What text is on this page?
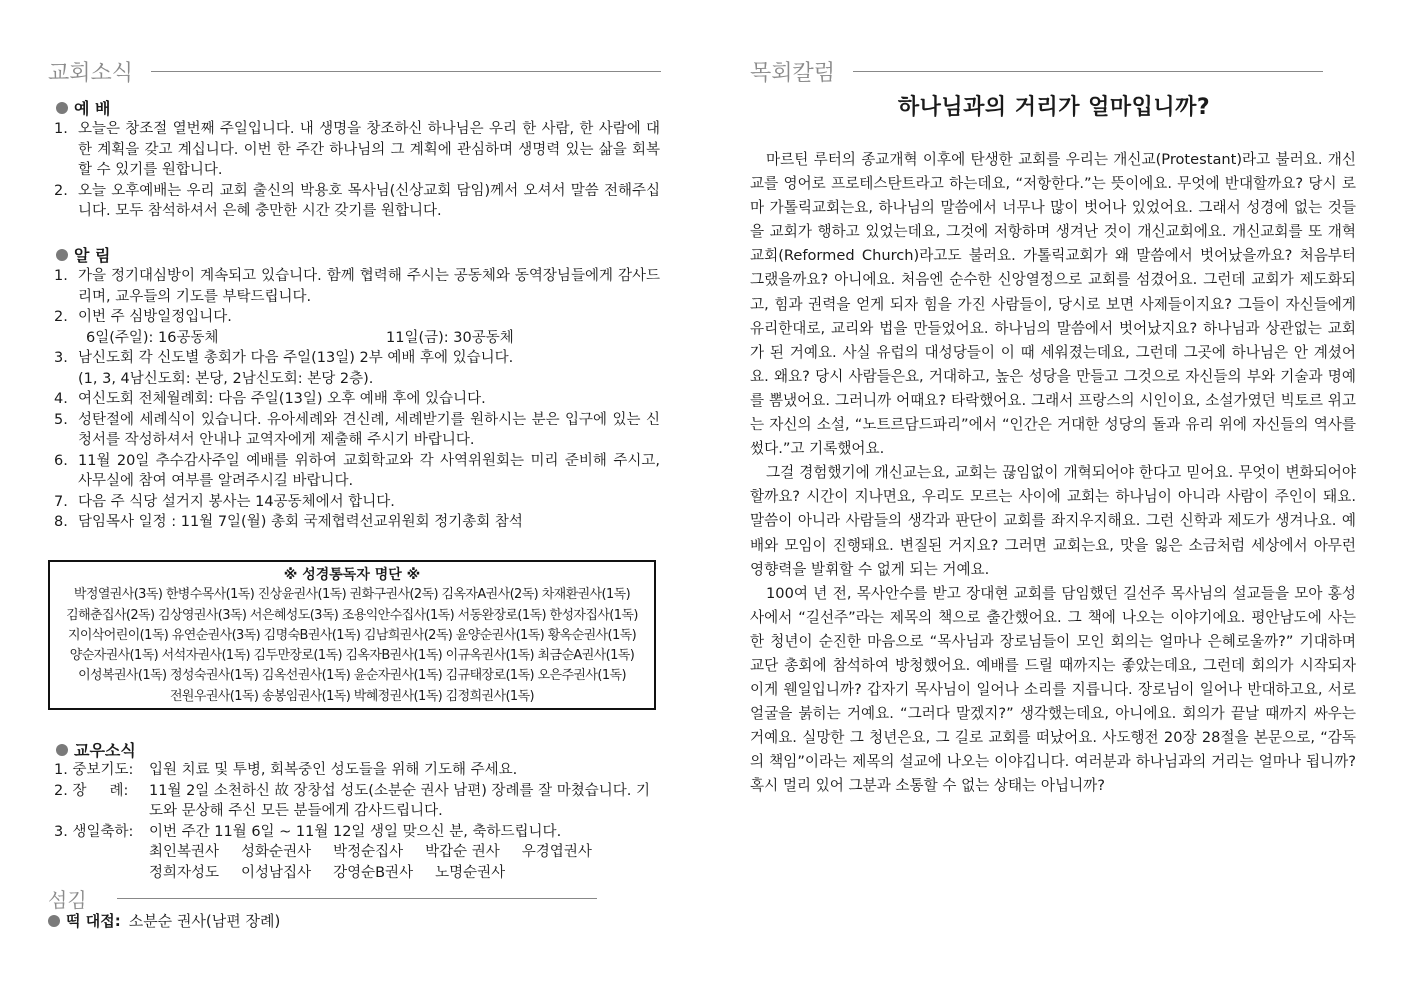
교회소식
예 배
1. 오늘은 창조절 열번째 주일입니다. 내 생명을 창조하신 하나님은 우리 한 사람, 한 사람에 대한 계획을 갖고 계십니다. 이번 한 주간 하나님의 그 계획에 관심하며 생명력 있는 삶을 회복할 수 있기를 원합니다.
2. 오늘 오후예배는 우리 교회 출신의 박용호 목사님(신상교회 담임)께서 오셔서 말씀 전해주십니다. 모두 참석하셔서 은혜 충만한 시간 갖기를 원합니다.
알 림
1. 가을 정기대심방이 계속되고 있습니다. 함께 협력해 주시는 공동체와 동역장님들에게 감사드리며, 교우들의 기도를 부탁드립니다.
2. 이번 주 심방일정입니다.
6일(주일): 16공동체	11일(금): 30공동체
3. 남신도회 각 신도별 총회가 다음 주일(13일) 2부 예배 후에 있습니다.
(1, 3, 4남신도회: 본당, 2남신도회: 본당 2층).
4. 여신도회 전체월례회: 다음 주일(13일) 오후 예배 후에 있습니다.
5. 성탄절에 세례식이 있습니다. 유아세례와 견신례, 세례받기를 원하시는 분은 입구에 있는 신청서를 작성하셔서 안내나 교역자에게 제출해 주시기 바랍니다.
6. 11월 20일 추수감사주일 예배를 위하여 교회학교와 각 사역위원회는 미리 준비해 주시고, 사무실에 참여 여부를 알려주시길 바랍니다.
7. 다음 주 식당 설거지 봉사는 14공동체에서 합니다.
8. 담임목사 일정 : 11월 7일(월) 총회 국제협력선교위원회 정기총회 참석
※ 성경통독자 명단 ※
박정열권사(3독) 한병수목사(1독) 진상윤권사(1독) 권화구권사(2독) 김옥자A권사(2독) 차재환권사(1독)
김해춘집사(2독) 김상영권사(3독) 서은혜성도(3독) 조용익안수집사(1독) 서동완장로(1독) 한성자집사(1독)
지이삭어린이(1독) 유연순권사(3독) 김명숙B권사(1독) 김남희권사(2독) 윤양순권사(1독) 황옥순권사(1독)
양순자권사(1독) 서석자권사(1독) 김두만장로(1독) 김옥자B권사(1독) 이규옥권사(1독) 최금순A권사(1독)
이성복권사(1독) 정성숙권사(1독) 김옥선권사(1독) 윤순자권사(1독) 김규태장로(1독) 오은주권사(1독)
전원우권사(1독) 송봉임권사(1독) 박혜정권사(1독) 김정희권사(1독)
교우소식
1. 중보기도:	입원 치료 및 투병, 회복중인 성도들을 위해 기도해 주세요.
2. 장     례:	11월 2일 소천하신 故 장창섭 성도(소분순 권사 남편) 장례를 잘 마쳤습니다. 기도와 문상해 주신 모든 분들에게 감사드립니다.
3. 생일축하:	이번 주간 11월 6일 ~ 11월 12일 생일 맞으신 분, 축하드립니다.
최인복권사 성화순권사 박정순집사 박갑순 권사 우경엽권사
정희자성도 이성남집사 강영순B권사 노명순권사
섬김
떡 대접: 소분순 권사(남편 장례)
목회칼럼
하나님과의 거리가 얼마입니까?

마르틴 루터의 종교개혁 이후에 탄생한 교회를 우리는 개신교(Protestant)라고 불러요. 개신교를 영어로 프로테스탄트라고 하는데요, “저항한다.”는 뜻이에요. 무엇에 반대할까요? 당시 로마 가톨릭교회는요, 하나님의 말씀에서 너무나 많이 벗어나 있었어요. 그래서 성경에 없는 것들을 교회가 행하고 있었는데요, 그것에 저항하며 생겨난 것이 개신교회에요. 개신교회를 또 개혁교회(Reformed Church)라고도 불러요. 가톨릭교회가 왜 말씀에서 벗어났을까요? 처음부터 그랬을까요? 아니에요. 처음엔 순수한 신앙열정으로 교회를 섬겼어요. 그런데 교회가 제도화되고, 힘과 권력을 얻게 되자 힘을 가진 사람들이, 당시로 보면 사제들이지요? 그들이 자신들에게 유리한대로, 교리와 법을 만들었어요. 하나님의 말씀에서 벗어났지요? 하나님과 상관없는 교회가 된 거예요. 사실 유럽의 대성당들이 이 때 세워졌는데요, 그런데 그곳에 하나님은 안 계셨어요. 왜요? 당시 사람들은요, 거대하고, 높은 성당을 만들고 그것으로 자신들의 부와 기술과 명예를 뽐냈어요. 그러니까 어때요? 타락했어요. 그래서 프랑스의 시인이요, 소설가였던 빅토르 위고는 자신의 소설, “노트르담드파리”에서 “인간은 거대한 성당의 돌과 유리 위에 자신들의 역사를 썼다.”고 기록했어요.

그걸 경험했기에 개신교는요, 교회는 끊임없이 개혁되어야 한다고 믿어요. 무엇이 변화되어야 할까요? 시간이 지나면요, 우리도 모르는 사이에 교회는 하나님이 아니라 사람이 주인이 돼요. 말씀이 아니라 사람들의 생각과 판단이 교회를 좌지우지해요. 그런 신학과 제도가 생겨나요. 예배와 모임이 진행돼요. 변질된 거지요? 그러면 교회는요, 맛을 잃은 소금처럼 세상에서 아무런 영향력을 발휘할 수 없게 되는 거예요.

100여 년 전, 목사안수를 받고 장대현 교회를 담임했던 길선주 목사님의 설교들을 모아 홍성사에서 “길선주”라는 제목의 책으로 출간했어요. 그 책에 나오는 이야기에요. 평안남도에 사는 한 청년이 순진한 마음으로 “목사님과 장로님들이 모인 회의는 얼마나 은혜로울까?” 기대하며 교단 총회에 참석하여 방청했어요. 예배를 드릴 때까지는 좋았는데요, 그런데 회의가 시작되자 이게 웬일입니까? 갑자기 목사님이 일어나 소리를 지릅니다. 장로님이 일어나 반대하고요, 서로 얼굴을 붉히는 거예요. “그러다 말겠지?” 생각했는데요, 아니에요. 회의가 끝날 때까지 싸우는 거예요. 실망한 그 청년은요, 그 길로 교회를 떠났어요. 사도행전 20장 28절을 본문으로, “감독의 책임”이라는 제목의 설교에 나오는 이야깁니다. 여러분과 하나님과의 거리는 얼마나 됩니까? 혹시 멀리 있어 그분과 소통할 수 없는 상태는 아닙니까?
